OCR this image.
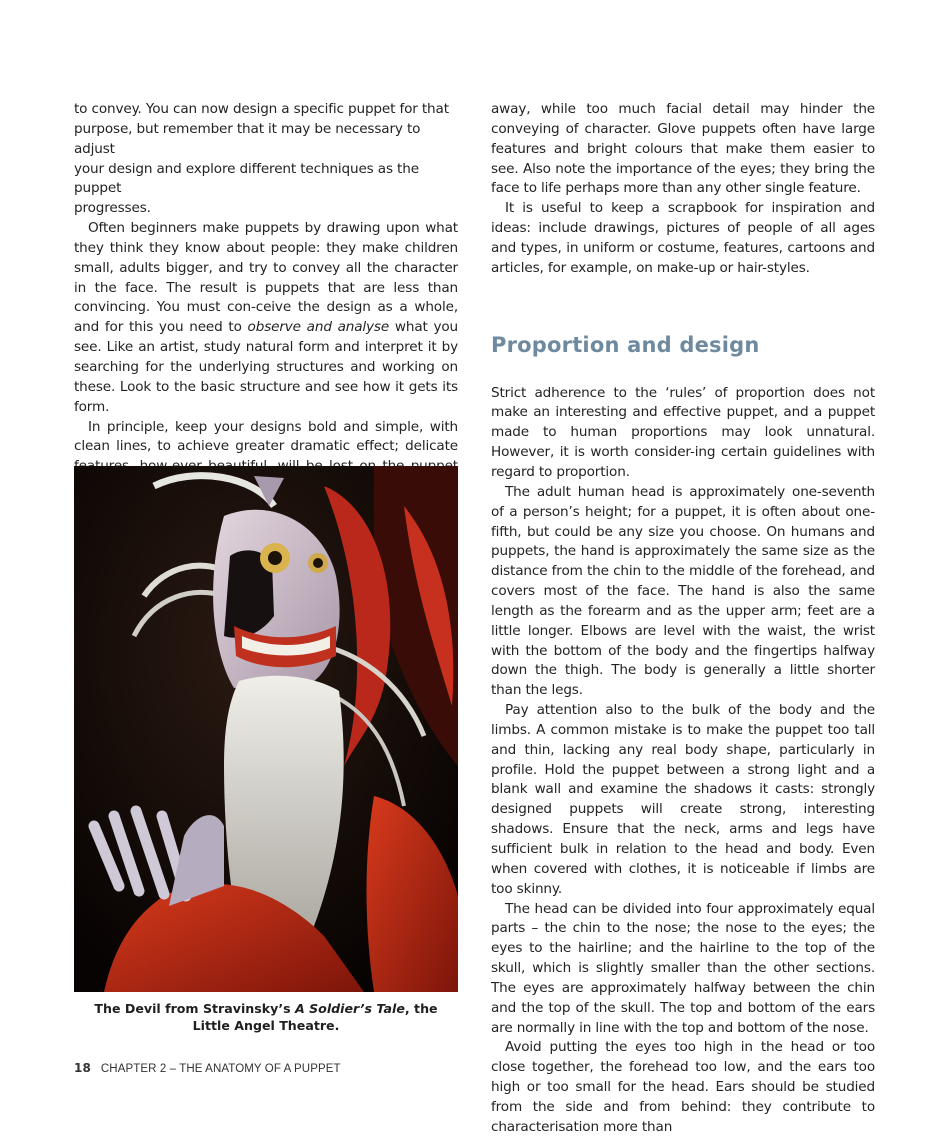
to convey. You can now design a specific puppet for that
purpose, but remember that it may be necessary to adjust
your design and explore different techniques as the puppet
progresses.

Often beginners make puppets by drawing upon what they think they know about people: they make children small, adults bigger, and try to convey all the character in the face. The result is puppets that are less than convincing. You must con-ceive the design as a whole, and for this you need to observe and analyse what you see. Like an artist, study natural form and interpret it by searching for the underlying structures and working on these. Look to the basic structure and see how it gets its form.

In principle, keep your designs bold and simple, with clean lines, to achieve greater dramatic effect; delicate

The Devil from Stravinsky’s A Soldier’s Tale, the Little Angel Theatre.

away, while too much facial detail may hinder the conveying of character. Glove puppets often have large features and bright colours that make them easier to see. Also note the importance of the eyes; they bring the face to life perhaps more than any other single feature.

It is useful to keep a scrapbook for inspiration and ideas: include drawings, pictures of people of all ages and types, in uniform or costume, features, cartoons and articles, for example, on make-up or hair-styles.

Proportion and design

Strict adherence to the ‘rules’ of proportion does not make an interesting and effective puppet, and a puppet made to human proportions may look unnatural. However, it is worth consider-ing certain guidelines with regard to proportion.

The adult human head is approximately one-seventh of a person’s height; for a puppet, it is often about one-fifth, but could be any size you choose. On humans and puppets, the hand is approximately the same size as the distance from the chin to the middle of the forehead, and covers most of the face. The hand is also the same length as the forearm and as the upper arm; feet are a little longer. Elbows are level with the waist, the wrist with the bottom of the body and the fingertips halfway down the thigh. The body is generally a little shorter than the legs.

Pay attention also to the bulk of the body and the limbs. A common mistake is to make the puppet too tall and thin, lacking any real body shape, particularly in profile. Hold the puppet between a strong light and a blank wall and examine the shadows it casts: strongly designed puppets will create strong, interesting shadows. Ensure that the neck, arms and legs have sufficient bulk in relation to the head and body. Even when covered with clothes, it is noticeable if limbs are too skinny.

The head can be divided into four approximately equal parts – the chin to the nose; the nose to the eyes; the eyes to the hairline; and the hairline to the top of the skull, which is slightly smaller than the other sections. The eyes are approximately halfway between the chin and the top of the skull. The top and bottom of the ears are normally in line with the top and bottom of the nose.

Avoid putting the eyes too high in the head or too close together, the forehead too low, and the ears too high or too small for the head. Ears should be studied from the side and from behind: they contribute to characterisation more than

18 CHAPTER 2 – THE ANATOMY OF A PUPPET
